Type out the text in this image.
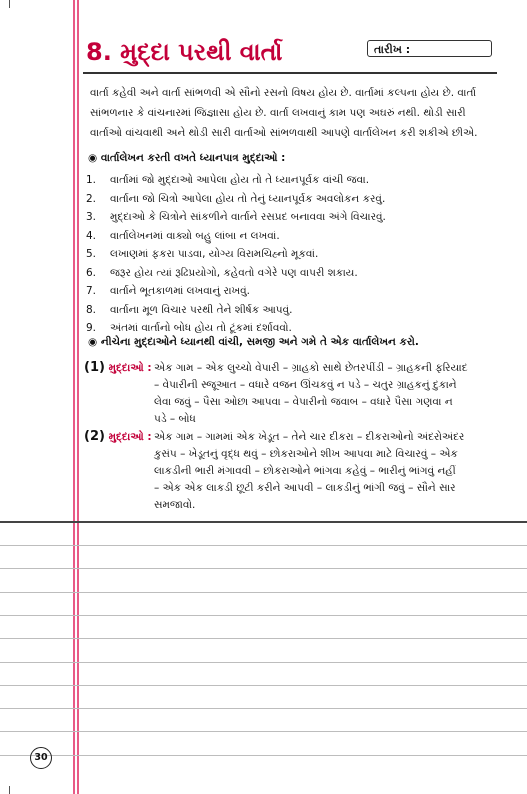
8. મુદ્દા પરથી વાર્તા	તારીખ :
વાર્તા કહેવી અને વાર્તા સાંભળવી એ સૌનો રસનો વિષય હોય છે. વાર્તામાં કલ્પના હોય છે. વાર્તા
સાંભળનાર કે વાંચનારમાં જિજ્ઞાસા હોય છે. વાર્તા લખવાનું કામ પણ અઘરું નથી. થોડી સારી
વાર્તાઓ વાંચવાથી અને થોડી સારી વાર્તાઓ સાંભળવાથી આપણે વાર્તાલેખન કરી શકીએ છીએ.
◉ વાર્તાલેખન કરતી વખતે ધ્યાનપાત્ર મુદ્દાઓ :
1. વાર્તામાં જો મુદ્દાઓ આપેલા હોય તો તે ધ્યાનપૂર્વક વાંચી જવા.
2. વાર્તાના જો ચિત્રો આપેલા હોય તો તેનું ધ્યાનપૂર્વક અવલોકન કરવું.
3. મુદ્દાઓ કે ચિત્રોને સાંકળીને વાર્તાને રસપ્રદ બનાવવા અંગે વિચારવું.
4. વાર્તાલેખનમાં વાક્યો બહુ લાંબા ન લખવાં.
5. લખાણમાં ફકરા પાડવા, યોગ્ય વિરામચિહ્નો મૂકવાં.
6. જરૂર હોય ત્યાં રૂઢિપ્રયોગો, કહેવતો વગેરે પણ વાપરી શકાય.
7. વાર્તાને ભૂતકાળમાં લખવાનું રાખવું.
8. વાર્તાના મૂળ વિચાર પરથી તેને શીર્ષક આપવું.
9. અંતમાં વાર્તાનો બોધ હોય તો ટૂંકમાં દર્શાવવો.
◉ નીચેના મુદ્દાઓને ધ્યાનથી વાંચી, સમજી અને ગમે તે એક વાર્તાલેખન કરો.
(1) મુદ્દાઓ : એક ગામ – એક લુચ્ચો વેપારી – ગ્રાહકો સાથે છેતરપીંડી – ગ્રાહકની ફરિયાદ
– વેપારીની સ્જૂઆત – વધારે વજન ઊંચકવું ન પડે – ચતુર ગ્રાહકનું દુકાને
લેવા જવું – પૈસા ઓછા આપવા – વેપારીનો જવાબ – વધારે પૈસા ગણવા ન
પડે – બોધ
(2) મુદ્દાઓ : એક ગામ – ગામમાં એક ખેડૂત – તેને ચાર દીકરા – દીકરાઓનો અંદરોઅંદર
કુસંપ – ખેડૂતનું વૃદ્ધ થવું – છોકરાઓને શીખ આપવા માટે વિચારવું – એક
લાકડીની ભારી મંગાવવી – છોકરાઓને ભાંગવા કહેવું – ભારીનું ભાંગવું નહીં
– એક એક લાકડી છૂટી કરીને આપવી – લાકડીનું ભાંગી જવું – સૌને સાર
સમજાવો.
30
